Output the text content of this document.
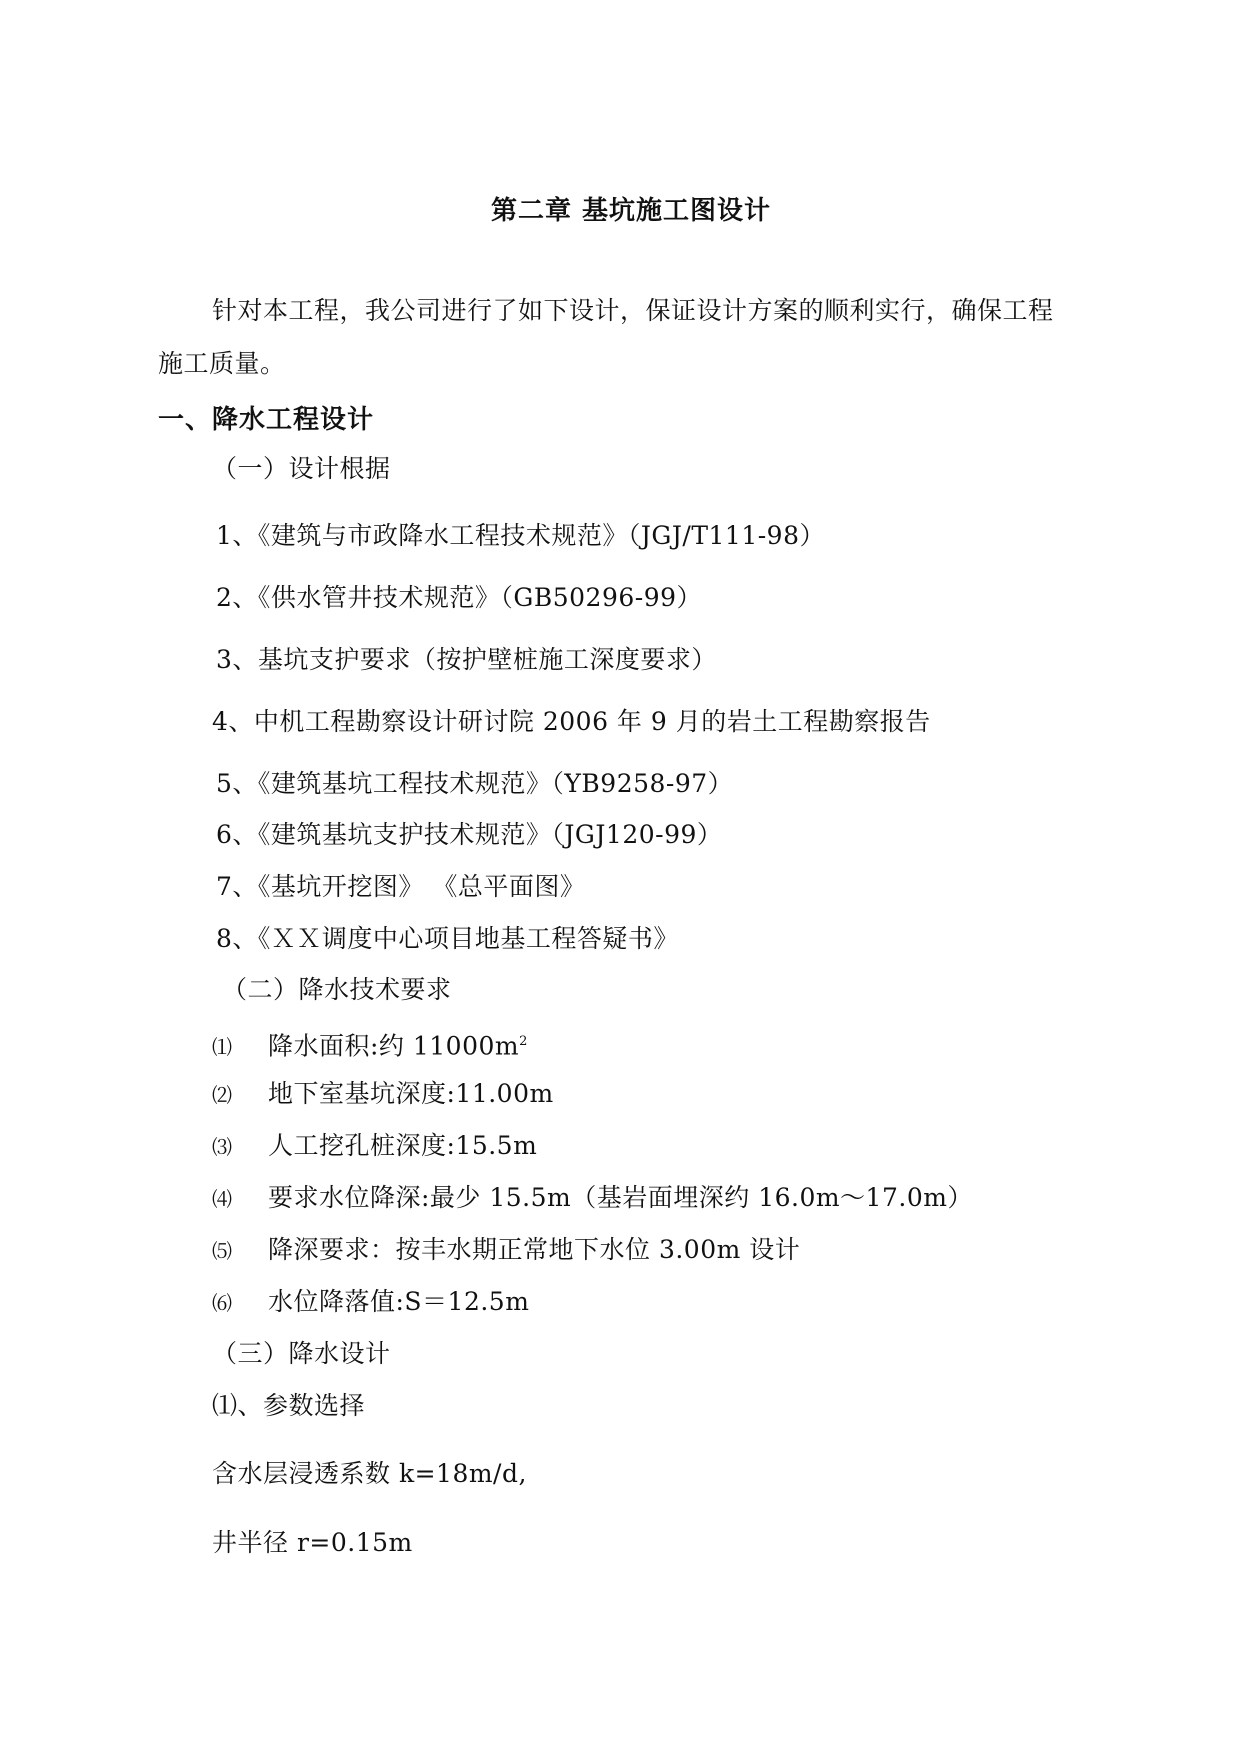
第二章 基坑施工图设计
针对本工程，我公司进行了如下设计，保证设计方案的顺利实行，确保工程
施工质量。
一、降水工程设计
（一）设计根据
1、《建筑与市政降水工程技术规范》（JGJ/T111-98）
2、《供水管井技术规范》（GB50296-99）
3、基坑支护要求（按护壁桩施工深度要求）
4、中机工程勘察设计研讨院 2006 年 9 月的岩土工程勘察报告
5、《建筑基坑工程技术规范》（YB9258-97）
6、《建筑基坑支护技术规范》（JGJ120-99）
7、《基坑开挖图》 《总平面图》
8、《ＸＸ调度中心项目地基工程答疑书》
（二）降水技术要求
⑴ 降水面积:约 $11000m^2$
⑵ 地下室基坑深度:11.00m
⑶ 人工挖孔桩深度:15.5m
⑷ 要求水位降深:最少 15.5m（基岩面埋深约 16.0m～17.0m）
⑸ 降深要求：按丰水期正常地下水位 3.00m 设计
⑹ 水位降落值:S＝12.5m
（三）降水设计
⑴、参数选择
含水层浸透系数 k=18m/d,
井半径 r=0.15m
